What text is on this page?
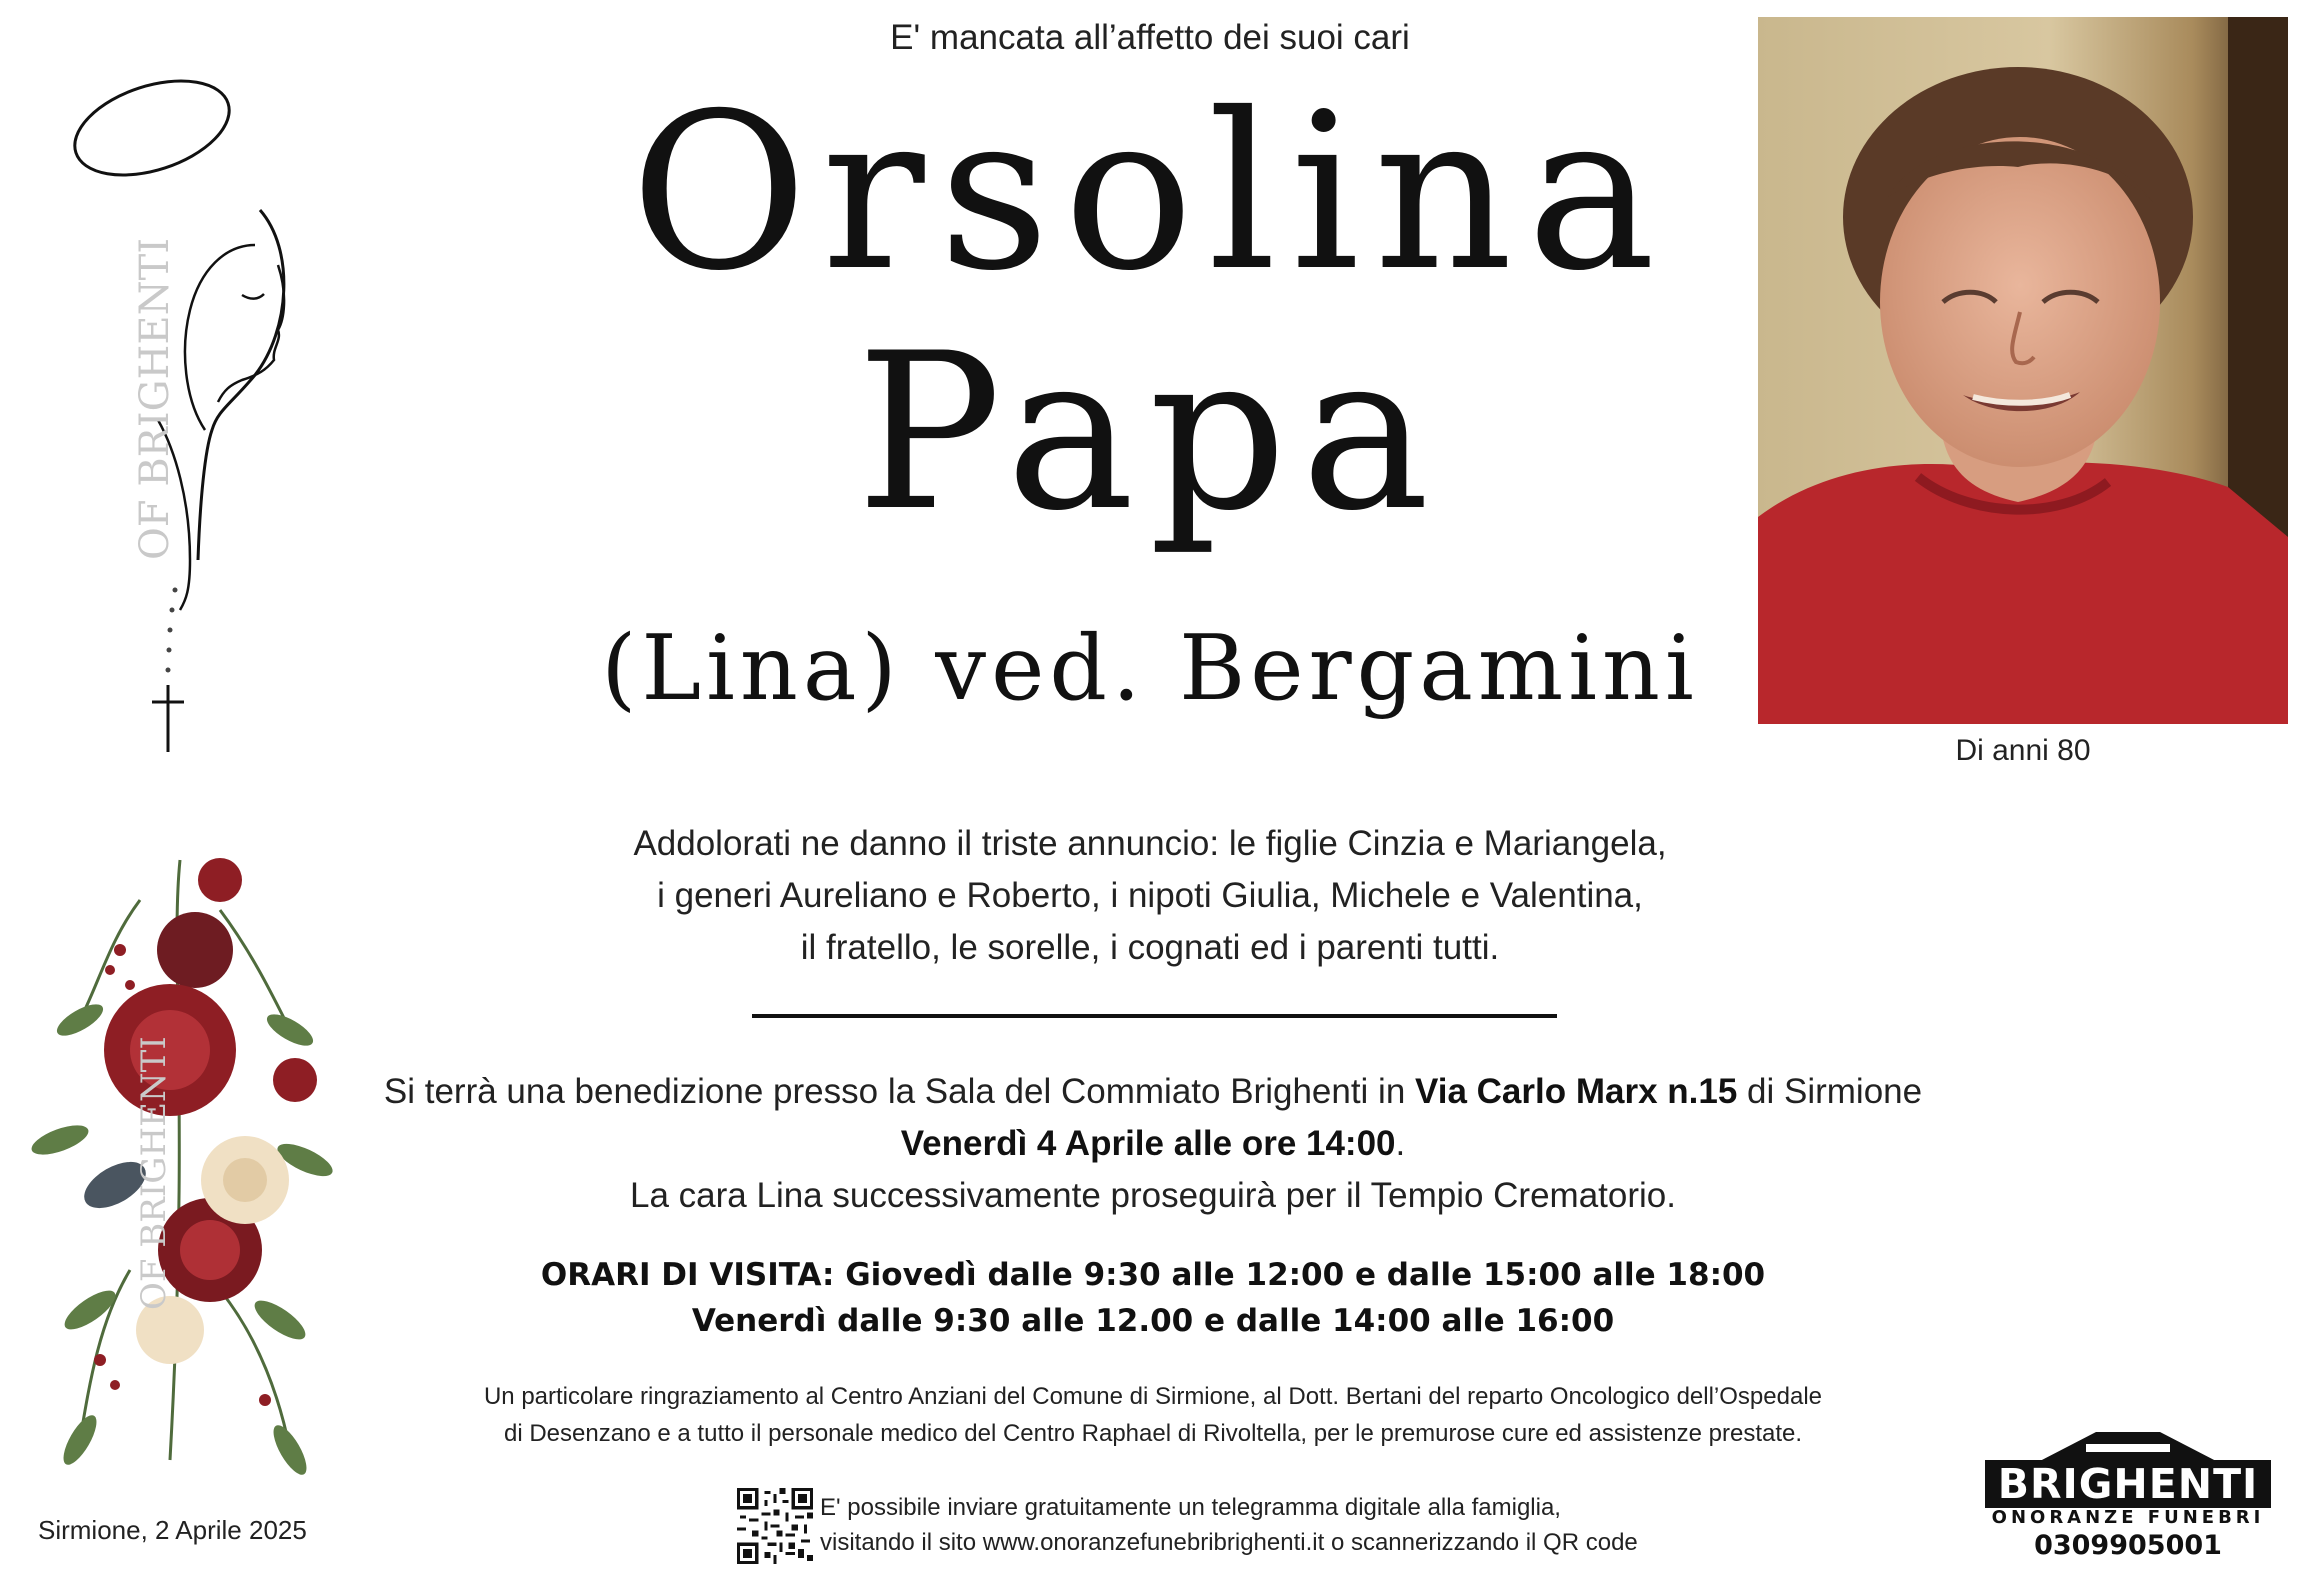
OF BRIGHENTI
E' mancata all’affetto dei suoi cari
Orsolina
Papa
(Lina) ved. Bergamini
Di anni 80
Addolorati ne danno il triste annuncio: le figlie Cinzia e Mariangela,
i generi Aureliano e Roberto, i nipoti Giulia, Michele e Valentina,
il fratello, le sorelle, i cognati ed i parenti tutti.
Si terrà una benedizione presso la Sala del Commiato Brighenti in Via Carlo Marx n.15 di Sirmione
Venerdì 4 Aprile alle ore 14:00.
La cara Lina successivamente proseguirà per il Tempio Crematorio.
ORARI DI VISITA: Giovedì dalle 9:30 alle 12:00 e dalle 15:00 alle 18:00
Venerdì dalle 9:30 alle 12.00 e dalle 14:00 alle 16:00
Un particolare ringraziamento al Centro Anziani del Comune di Sirmione, al Dott. Bertani del reparto Oncologico dell’Ospedale
di Desenzano e a tutto il personale medico del Centro Raphael di Rivoltella, per le premurose cure ed assistenze prestate.
OF BRIGHENTI
Sirmione, 2 Aprile 2025
E' possibile inviare gratuitamente un telegramma digitale alla famiglia,
visitando il sito www.onoranzefunebribrighenti.it o scannerizzando il QR code
BRIGHENTI
ONORANZE FUNEBRI
0309905001
